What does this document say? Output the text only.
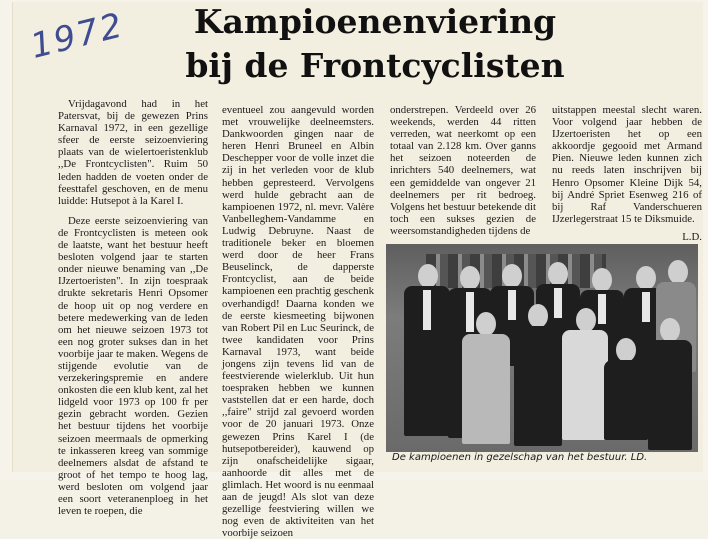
1972	Kampioenenviering
bij de Frontcyclisten

Vrijdagavond had in het Patersvat, bij de gewezen Prins Karnaval 1972, in een gezellige sfeer de eerste seizoenviering plaats van de wielertoeristenklub ,,De Frontcyclisten". Ruim 50 leden hadden de voeten onder de feesttafel geschoven, en de menu luidde: Hutsepot à la Karel I.

Deze eerste seizoenviering van de Frontcyclisten is meteen ook de laatste, want het bestuur heeft besloten volgend jaar te starten onder nieuwe benaming van ,,De IJzertoeristen". In zijn toespraak drukte sekretaris Henri Opsomer de hoop uit op nog verdere en betere medewerking van de leden om het nieuwe seizoen 1973 tot een nog groter sukses dan in het voorbije jaar te maken. Wegens de stijgende evolutie van de verzekeringspremie en andere onkosten die een klub kent, zal het lidgeld voor 1973 op 100 fr per gezin gebracht worden. Gezien het bestuur tijdens het voorbije seizoen meermaals de opmerking te inkasseren kreeg van sommige deelnemers alsdat de afstand te groot of het tempo te hoog lag, werd besloten om volgend jaar een soort veteranenploeg in het leven te roepen, die

eventueel zou aangevuld worden met vrouwelijke deelneemsters. Dankwoorden gingen naar de heren Henri Bruneel en Albin Deschepper voor de volle inzet die zij in het verleden voor de klub hebben gepresteerd. Vervolgens werd hulde gebracht aan de kampioenen 1972, nl. mevr. Valère Vanbelleghem-Vandamme en Ludwig Debruyne. Naast de traditionele beker en bloemen werd door de heer Frans Beuselinck, de dapperste Frontcyclist, aan de beide kampioenen een prachtig geschenk overhandigd! Daarna konden we de eerste kiesmeeting bijwonen van Robert Pil en Luc Seurinck, de twee kandidaten voor Prins Karnaval 1973, want beide jongens zijn tevens lid van de feestvierende wielerklub. Uit hun toespraken hebben we kunnen vaststellen dat er een harde, doch ,,faire" strijd zal gevoerd worden voor de 20 januari 1973. Onze gewezen Prins Karel I (de hutsepotbereider), kauwend op zijn onafscheidelijke sigaar, aanhoorde dit alles met de glimlach. Het woord is nu eenmaal aan de jeugd! Als slot van deze gezellige feestviering willen we nog even de aktiviteiten van het voorbije seizoen

onderstrepen. Verdeeld over 26 weekends, werden 44 ritten verreden, wat neerkomt op een totaal van 2.128 km. Over ganns het seizoen noteerden de inrichters 540 deelnemers, wat een gemiddelde van ongevеr 21 deelnemers per rit bedroeg. Volgens het bestuur betekende dit toch een sukses gezien de weersomstandigheden tijdens de

uitstappen meestal slecht waren. Voor volgend jaar hebben de IJzertoeristen het op een akkoordje gegooid met Armand Pien. Nieuwe leden kunnen zich nu reeds laten inschrijven bij Henro Opsomer Kleine Dijk 54, bij André Spriet Esenweg 216 of bij Raf Vanderschueren IJzerlegerstraat 15 te Diksmuide.

L.D.
De kampioenen in gezelschap van het bestuur. LD.
